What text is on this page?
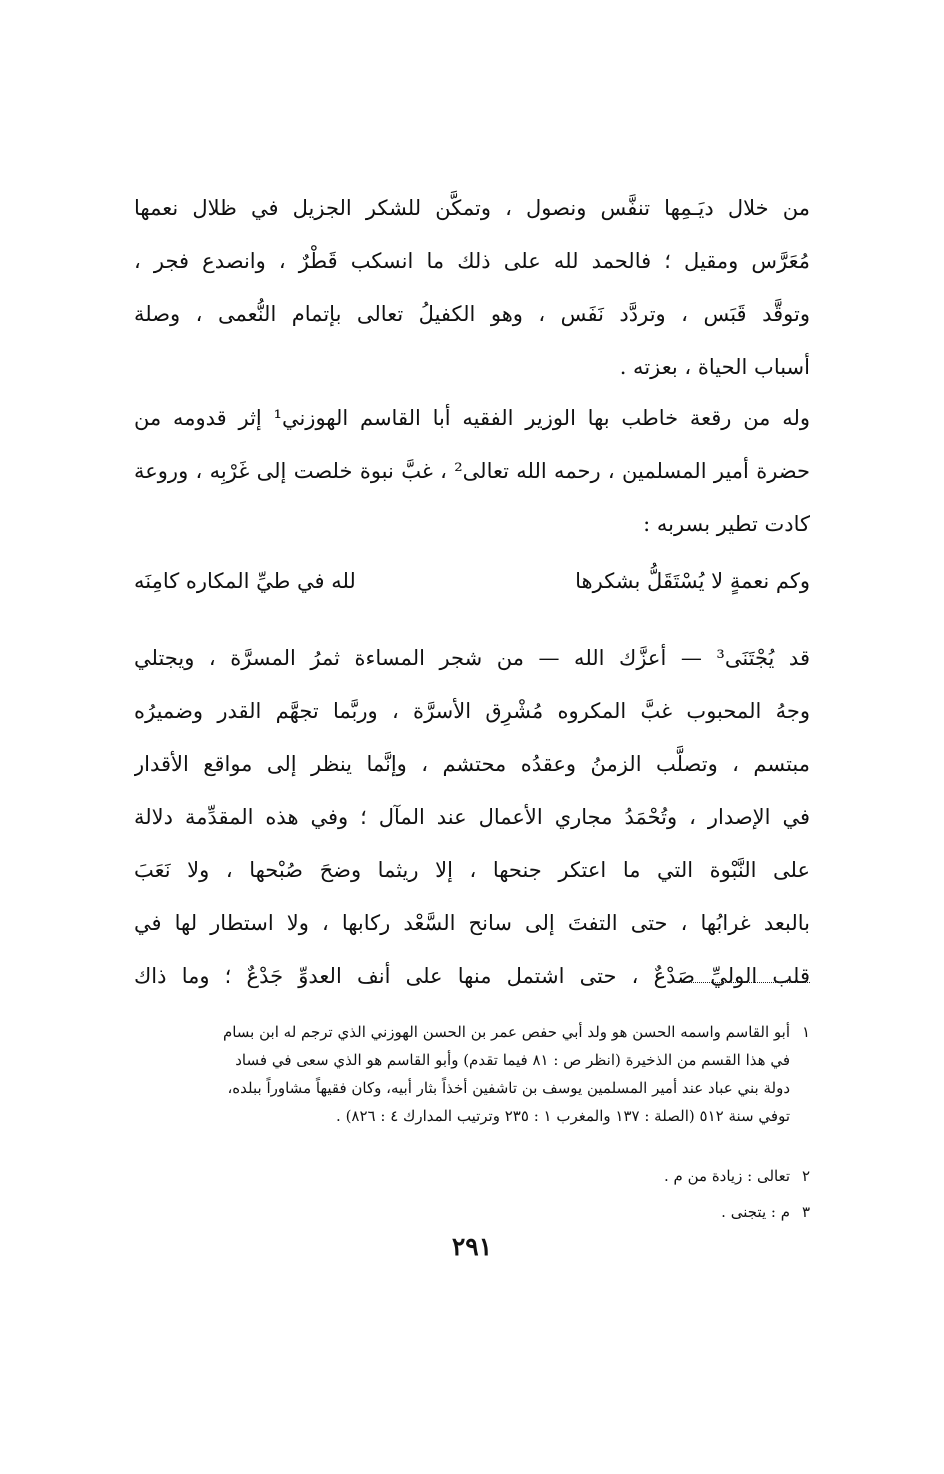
من خلال ديَـمِها تنفَّس ونصول ، وتمكَّن للشكر الجزيل في ظلال نعمها
مُعَرَّس ومقيل ؛ فالحمد لله على ذلك ما انسكب قَطْرٌ ، وانصدع فجر ،
وتوقَّد قَبَس ، وتردَّد نَفَس ، وهو الكفيلُ تعالى بإتمام النُّعمى ، وصلة
أسباب الحياة ، بعزته .
وله من رقعة خاطب بها الوزير الفقيه أبا القاسم الهوزني¹ إثر قدومه من
حضرة أمير المسلمين ، رحمه الله تعالى² ، غبَّ نبوة خلصت إلى غَرْبِه ، وروعة
كادت تطير بسربه :
وكم نعمةٍ لا يُسْتَقَلُّ بشكرها
لله في طيِّ المكاره كامِنَه
قد يُجْتَنَى³ — أعزَّك الله — من شجر المساءة ثمرُ المسرَّة ، ويجتلي
وجهُ المحبوب غبَّ المكروه مُشْرِق الأسرَّة ، وربَّما تجهَّم القدر وضميرُه
مبتسم ، وتصلَّب الزمنُ وعقدُه محتشم ، وإنَّما ينظر إلى مواقع الأقدار
في الإصدار ، وتُحْمَدُ مجاري الأعمال عند المآل ؛ وفي هذه المقدِّمة دلالة
على النَّبْوة التي ما اعتكر جنحها ، إلا ريثما وضحَ صُبْحها ، ولا نَعَبَ
بالبعد غرابُها ، حتى التفتَ إلى سانح السَّعْد ركابها ، ولا استطار لها في
قلب الوليِّ صَدْعٌ ، حتى اشتمل منها على أنف العدوِّ جَدْعٌ ؛ وما ذاك
١أبو القاسم واسمه الحسن هو ولد أبي حفص عمر بن الحسن الهوزني الذي ترجم له ابن بسام
في هذا القسم من الذخيرة (انظر ص : ٨١ فيما تقدم) وأبو القاسم هو الذي سعى في فساد
دولة بني عباد عند أمير المسلمين يوسف بن تاشفين أخذاً بثار أبيه، وكان فقيهاً مشاوراً ببلده،
توفي سنة ٥١٢ (الصلة : ١٣٧ والمغرب ١ : ٢٣٥ وترتيب المدارك ٤ : ٨٢٦) .
٢تعالى : زيادة من م .
٣م : يتجنى .
٢٩١
